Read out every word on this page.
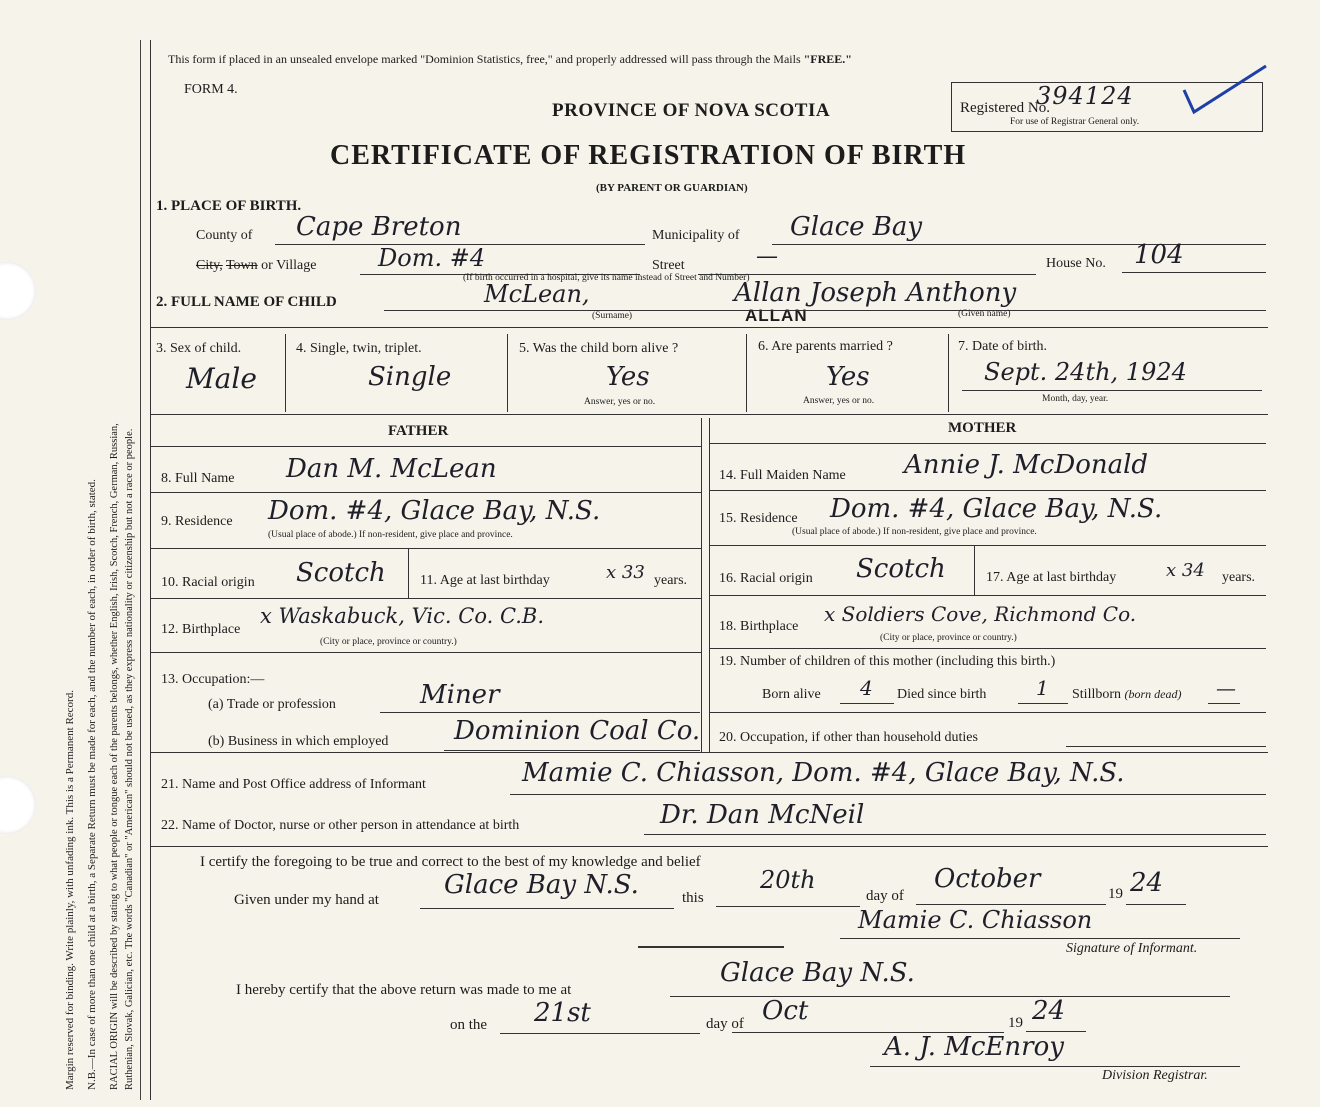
Margin reserved for binding. Write plainly, with unfading ink. This is a Permanent Record. N.B.—In case of more than one child at a birth, a Separate Return must be made for each, and the number of each, in order of birth, stated. RACIAL ORIGIN will be described by stating to what people or tongue each of the parents belongs, whether English, Irish, Scotch, French, German, Russian, Ruthenian, Slovak, Galician, etc. The words "Canadian" or "American" should not be used, as they express nationality or citizenship but not a race or people.
This form if placed in an unsealed envelope marked "Dominion Statistics, free," and properly addressed will pass through the Mails "FREE."
FORM 4.
PROVINCE OF NOVA SCOTIA
CERTIFICATE OF REGISTRATION OF BIRTH
(BY PARENT OR GUARDIAN)
Registered No.
394124
For use of Registrar General only.
1. PLACE OF BIRTH.
County of Cape Breton	Municipality of Glace Bay
City, Town or Village	Dom. #4	Street	—	House No. 104
(If birth occurred in a hospital, give its name instead of Street and Number)
2. FULL NAME OF CHILD	McLean,	Allan Joseph Anthony
ALLAN
(Surname)	(Given name)
3. Sex of child.
Male
4. Single, twin, triplet.
Single
5. Was the child born alive ?
Yes
Answer, yes or no.
6. Are parents married ?
Yes
Answer, yes or no.
7. Date of birth.
Sept. 24th, 1924
Month, day, year.
FATHER	MOTHER
8. Full Name Dan M. McLean
9. Residence Dom. #4, Glace Bay, N.S.
(Usual place of abode.) If non-resident, give place and province.
10. Racial origin Scotch 11. Age at last birthday	x 33 years.
12. Birthplace
x Waskabuck, Vic. Co. C.B.
(City or place, province or country.)
13. Occupation:—
(a) Trade or profession	Miner
(b) Business in which employed	Dominion Coal Co.
14. Full Maiden Name Annie J. McDonald
15. Residence Dom. #4, Glace Bay, N.S.
(Usual place of abode.) If non-resident, give place and province.
16. Racial origin Scotch	17. Age at last birthday	x 34 years.
18. Birthplace
x Soldiers Cove, Richmond Co.
(City or place, province or country.)
19. Number of children of this mother (including this birth.)
Born alive 4 Died since birth 1 Stillborn (born dead) —
20. Occupation, if other than household duties
21. Name and Post Office address of Informant	Mamie C. Chiasson, Dom. #4, Glace Bay, N.S.
22. Name of Doctor, nurse or other person in attendance at birth	Dr. Dan McNeil
I certify the foregoing to be true and correct to the best of my knowledge and belief
Given under my hand at	Glace Bay N.S.	this
20th
day of
October	19 24
Mamie C. Chiasson
Signature of Informant.
I hereby certify that the above return was made to me at
Glace Bay N.S.
on the 21st	day of Oct	19 24
A. J. McEnroy
Division Registrar.
